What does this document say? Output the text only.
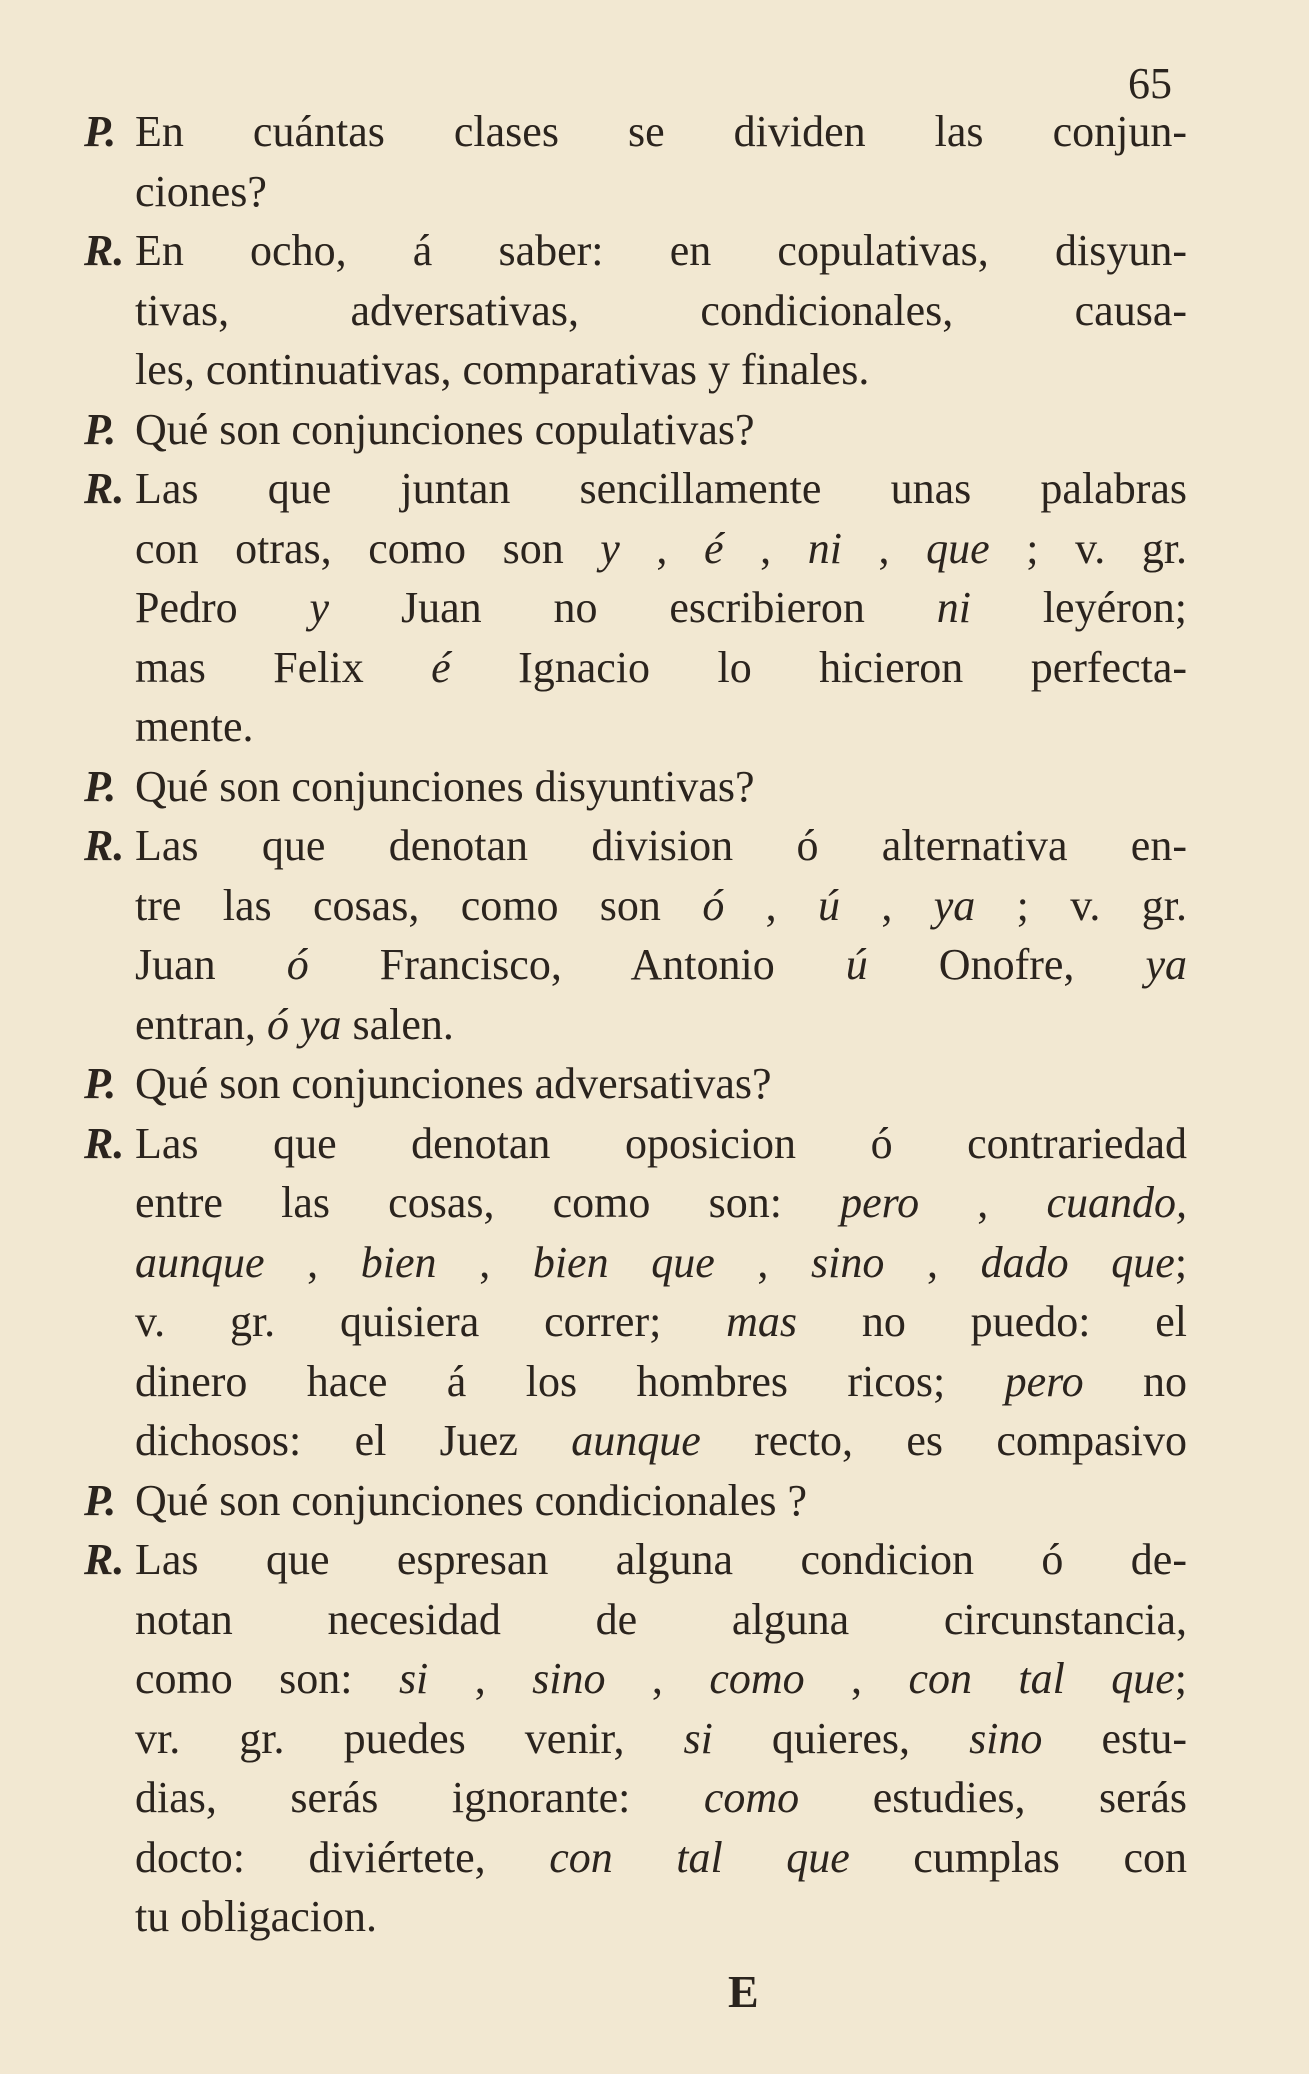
65
P. En cuántas clases se dividen las conjun-
ciones?
R. En ocho, á saber: en copulativas, disyun-
tivas, adversativas, condicionales, causa-
les, continuativas, comparativas y finales.
P. Qué son conjunciones copulativas?
R. Las que juntan sencillamente unas palabras
con otras, como son y , é , ni , que ; v. gr.
Pedro y Juan no escribieron ni leyéron;
mas Felix é Ignacio lo hicieron perfecta-
mente.
P. Qué son conjunciones disyuntivas?
R. Las que denotan division ó alternativa en-
tre las cosas, como son ó , ú , ya ; v. gr.
Juan ó Francisco, Antonio ú Onofre, ya
entran, ó ya salen.
P. Qué son conjunciones adversativas?
R. Las que denotan oposicion ó contrariedad
entre las cosas, como son: pero , cuando,
aunque , bien , bien que , sino , dado que;
v. gr. quisiera correr; mas no puedo: el
dinero hace á los hombres ricos; pero no
dichosos: el Juez aunque recto, es compasivo
P. Qué son conjunciones condicionales ?
R. Las que espresan alguna condicion ó de-
notan necesidad de alguna circunstancia,
como son: si , sino , como , con tal que;
vr. gr. puedes venir, si quieres, sino estu-
dias, serás ignorante: como estudies, serás
docto: diviértete, con tal que cumplas con
tu obligacion.
E
